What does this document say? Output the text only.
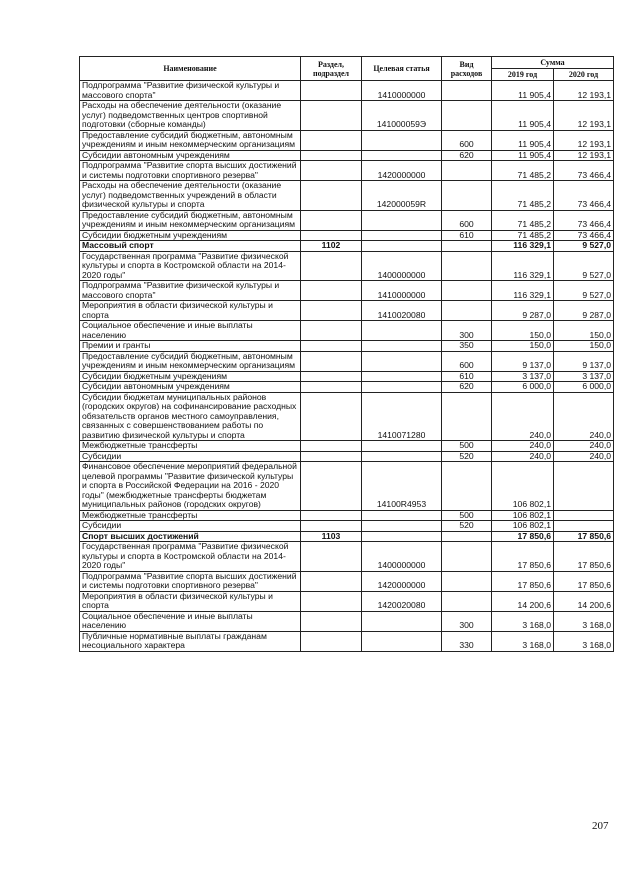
Наименование	Раздел, подраздел	Целевая статья	Вид расходов	Сумма	
				2019 год	2020 год
Подпрограмма "Развитие физической культуры и массового спорта"		1410000000		11 905,4	12 193,1
Расходы на обеспечение деятельности (оказание услуг) подведомственных центров спортивной подготовки (сборные команды)		141000059Э		11 905,4	12 193,1
Предоставление субсидий бюджетным, автономным учреждениям и иным некоммерческим организациям			600	11 905,4	12 193,1
Субсидии автономным учреждениям			620	11 905,4	12 193,1
Подпрограмма "Развитие спорта высших достижений и системы подготовки спортивного резерва"		1420000000		71 485,2	73 466,4
Расходы на обеспечение деятельности (оказание услуг) подведомственных учреждений в области физической культуры и спорта		142000059R		71 485,2	73 466,4
Предоставление субсидий бюджетным, автономным учреждениям и иным некоммерческим организациям			600	71 485,2	73 466,4
Субсидии бюджетным учреждениям			610	71 485,2	73 466,4
Массовый спорт	1102			116 329,1	9 527,0
Государственная программа "Развитие физической культуры и спорта в Костромской области на 2014-2020 годы"		1400000000		116 329,1	9 527,0
Подпрограмма "Развитие физической культуры и массового спорта"		1410000000		116 329,1	9 527,0
Мероприятия в области физической культуры и спорта		1410020080		9 287,0	9 287,0
Социальное обеспечение и иные выплаты населению			300	150,0	150,0
Премии и гранты			350	150,0	150,0
Предоставление субсидий бюджетным, автономным учреждениям и иным некоммерческим организациям			600	9 137,0	9 137,0
Субсидии бюджетным учреждениям			610	3 137,0	3 137,0
Субсидии автономным учреждениям			620	6 000,0	6 000,0
Субсидии бюджетам муниципальных районов (городских округов) на софинансирование расходных обязательств органов местного самоуправления, связанных с совершенствованием работы по развитию физической культуры и спорта		1410071280		240,0	240,0
Межбюджетные трансферты			500	240,0	240,0
Субсидии			520	240,0	240,0
Финансовое обеспечение мероприятий федеральной целевой программы "Развитие физической культуры и спорта в Российской Федерации на 2016 - 2020 годы" (межбюджетные трансферты бюджетам муниципальных районов (городских округов)		14100R4953		106 802,1	
Межбюджетные трансферты			500	106 802,1	
Субсидии			520	106 802,1	
Спорт высших достижений	1103			17 850,6	17 850,6
Государственная программа "Развитие физической культуры и спорта в Костромской области на 2014-2020 годы"		1400000000		17 850,6	17 850,6
Подпрограмма "Развитие спорта высших достижений и системы подготовки спортивного резерва"		1420000000		17 850,6	17 850,6
Мероприятия в области физической культуры и спорта		1420020080		14 200,6	14 200,6
Социальное обеспечение и иные выплаты населению			300	3 168,0	3 168,0
Публичные нормативные выплаты гражданам несоциального характера			330	3 168,0	3 168,0
207
